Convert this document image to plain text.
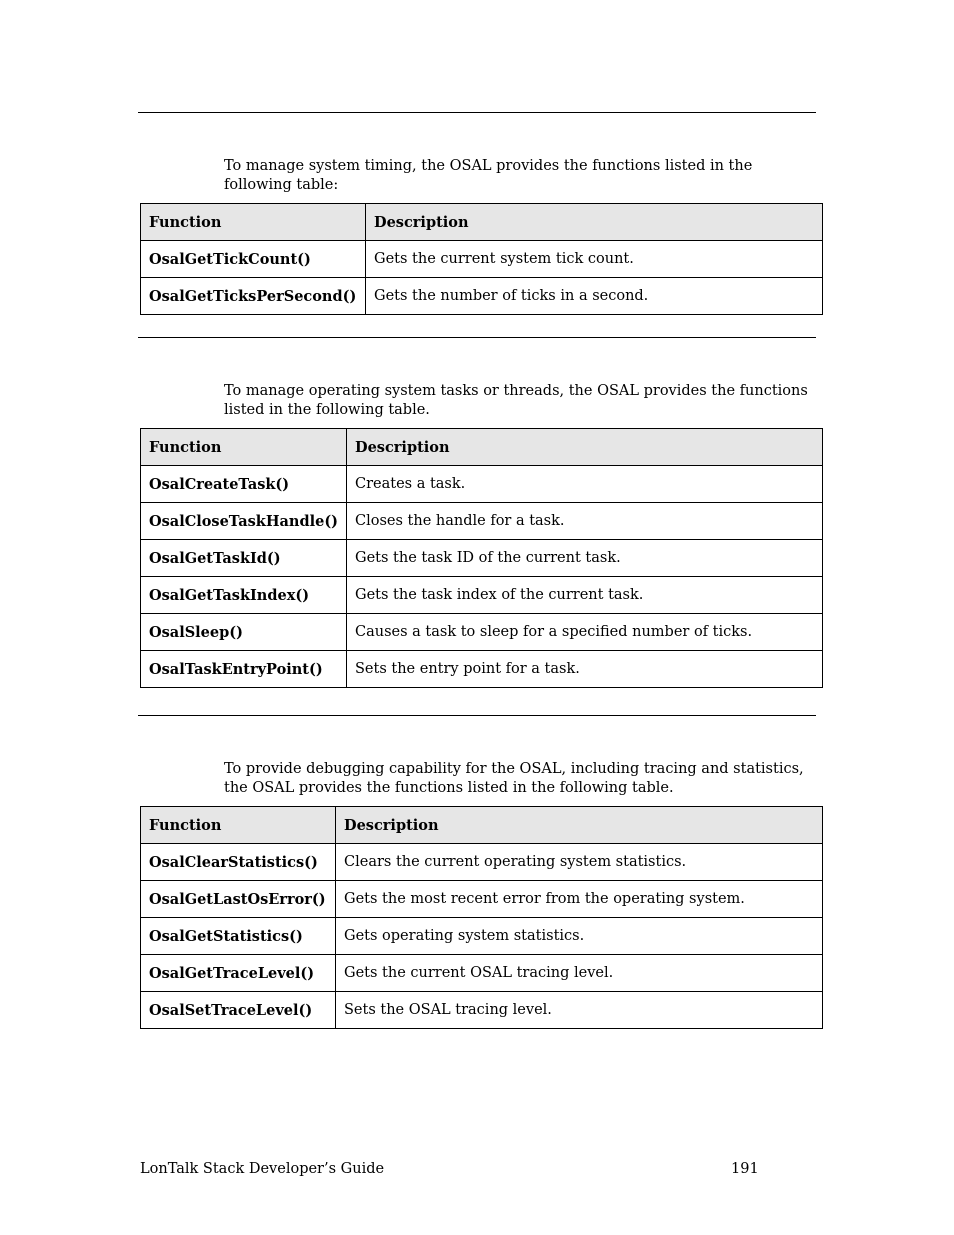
To manage system timing, the OSAL provides the functions listed in the following table:

Function	Description
OsalGetTickCount()	Gets the current system tick count.
OsalGetTicksPerSecond()	Gets the number of ticks in a second.

To manage operating system tasks or threads, the OSAL provides the functions listed in the following table.

Function	Description
OsalCreateTask()	Creates a task.
OsalCloseTaskHandle()	Closes the handle for a task.
OsalGetTaskId()	Gets the task ID of the current task.
OsalGetTaskIndex()	Gets the task index of the current task.
OsalSleep()	Causes a task to sleep for a specified number of ticks.
OsalTaskEntryPoint()	Sets the entry point for a task.

To provide debugging capability for the OSAL, including tracing and statistics, the OSAL provides the functions listed in the following table.

Function	Description
OsalClearStatistics()	Clears the current operating system statistics.
OsalGetLastOsError()	Gets the most recent error from the operating system.
OsalGetStatistics()	Gets operating system statistics.
OsalGetTraceLevel()	Gets the current OSAL tracing level.
OsalSetTraceLevel()	Sets the OSAL tracing level.
LonTalk Stack Developer’s Guide	191
